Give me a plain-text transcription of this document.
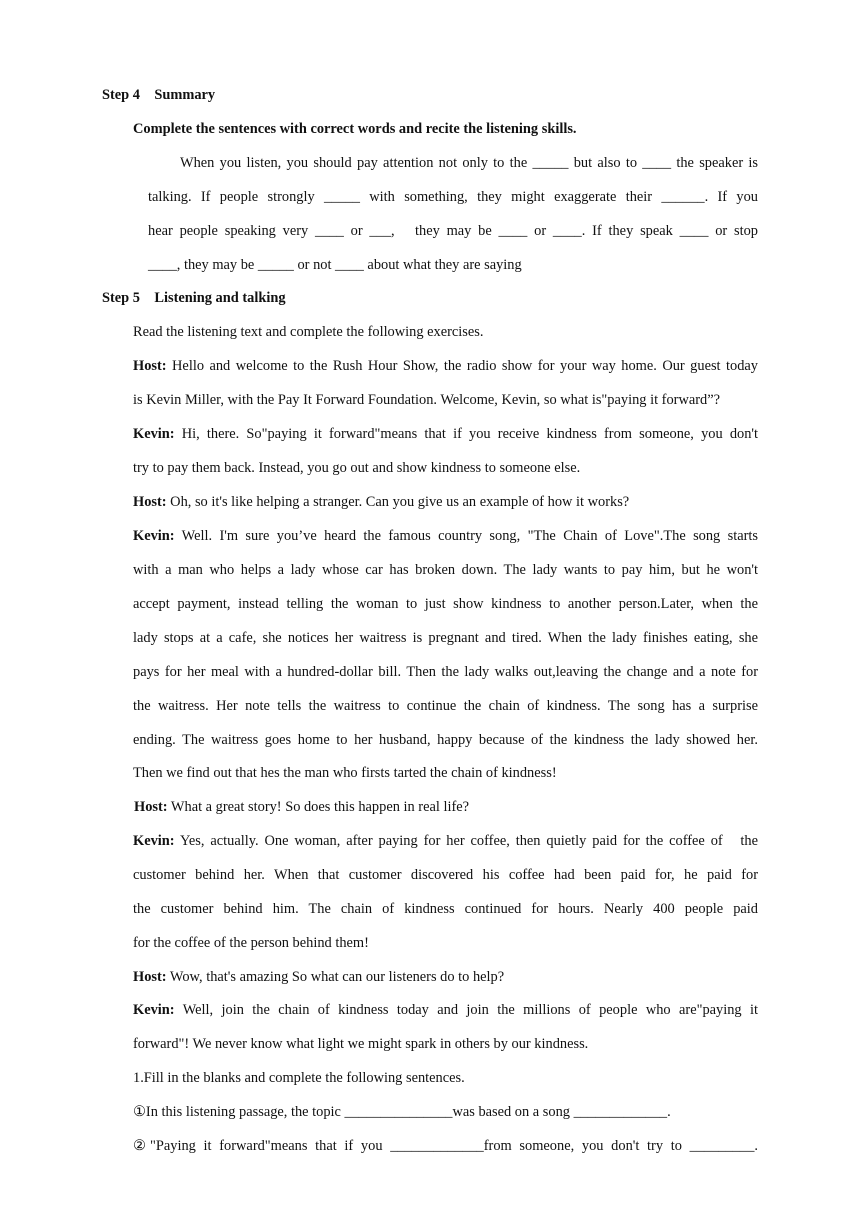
Step 4    Summary
Complete the sentences with correct words and recite the listening skills.
When you listen, you should pay attention not only to the _____ but also to ____ the speaker is
talking. If people strongly _____ with something, they might exaggerate their ______. If you
hear people speaking very ____ or ___,   they may be ____ or ____. If they speak ____ or stop
____, they may be _____ or not ____ about what they are saying
Step 5    Listening and talking
Read the listening text and complete the following exercises.
Host: Hello and welcome to the Rush Hour Show, the radio show for your way home. Our guest today
is Kevin Miller, with the Pay It Forward Foundation. Welcome, Kevin, so what is"paying it forward”?
Kevin: Hi, there. So"paying it forward"means that if you receive kindness from someone, you don't
try to pay them back. Instead, you go out and show kindness to someone else.
Host: Oh, so it's like helping a stranger. Can you give us an example of how it works?
Kevin: Well. I'm sure you’ve heard the famous country song, "The Chain of Love".The song starts
with a man who helps a lady whose car has broken down. The lady wants to pay him, but he won't
accept payment, instead telling the woman to just show kindness to another person.Later, when the
lady stops at a cafe, she notices her waitress is pregnant and tired. When the lady finishes eating, she
pays for her meal with a hundred-dollar bill. Then the lady walks out,leaving the change and a note for
the waitress. Her note tells the waitress to continue the chain of kindness. The song has a surprise
ending. The waitress goes home to her husband, happy because of the kindness the lady showed her.
Then we find out that hes the man who firsts tarted the chain of kindness!
Host: What a great story! So does this happen in real life?
Kevin: Yes, actually. One woman, after paying for her coffee, then quietly paid for the coffee of   the
customer behind her. When that customer discovered his coffee had been paid for, he paid for
the customer behind him. The chain of kindness continued for hours. Nearly 400 people paid
for the coffee of the person behind them!
Host: Wow, that's amazing So what can our listeners do to help?
Kevin: Well, join the chain of kindness today and join the millions of people who are"paying it
forward"! We never know what light we might spark in others by our kindness.
1.Fill in the blanks and complete the following sentences.
①In this listening passage, the topic _______________was based on a song _____________.
②"Paying it forward"means that if you _____________from someone, you don't try to _________.
